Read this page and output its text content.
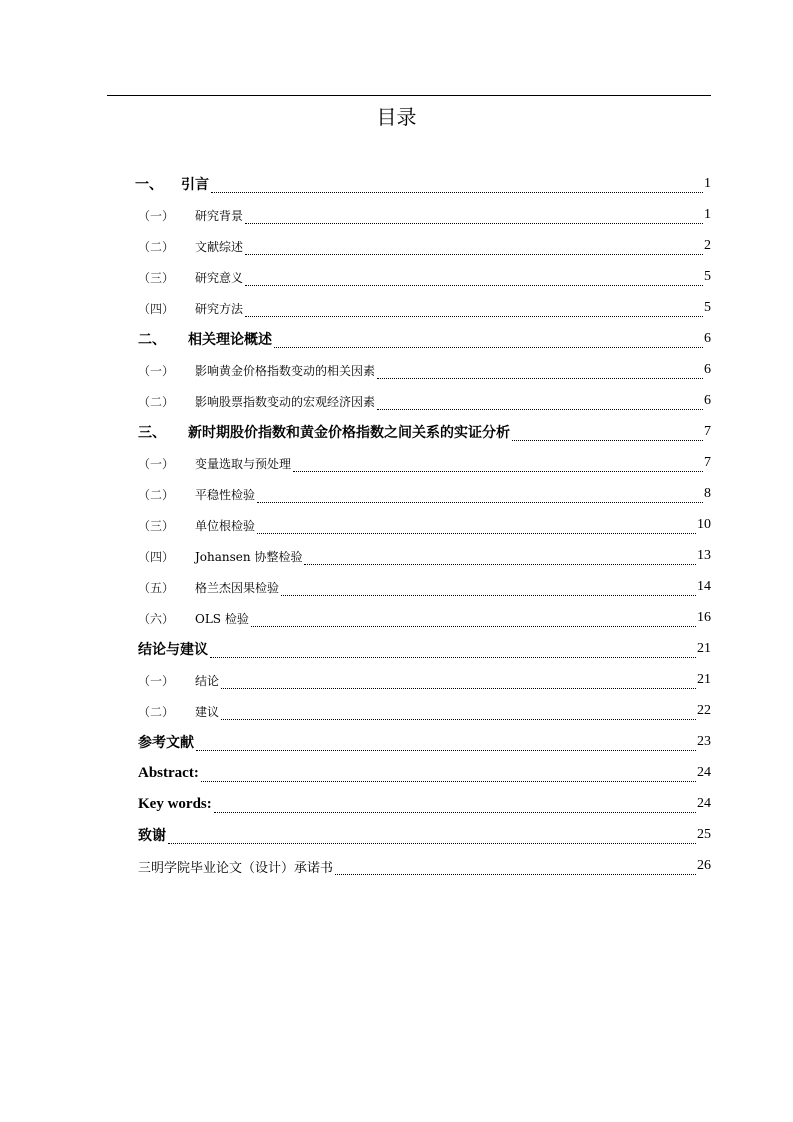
目录
一、	引言	1
（一）	研究背景	1
（二）	文献综述	2
（三）	研究意义	5
（四）	研究方法	5
二、	相关理论概述	6
（一）	影响黄金价格指数变动的相关因素	6
（二）	影响股票指数变动的宏观经济因素	6
三、	新时期股价指数和黄金价格指数之间关系的实证分析	7
（一）	变量选取与预处理	7
（二）	平稳性检验	8
（三）	单位根检验	10
（四）	Johansen 协整检验	13
（五）	格兰杰因果检验	14
（六）	OLS 检验	16
结论与建议	21
（一）	结论	21
（二）	建议	22
参考文献	23
Abstract:	24
Key words:	24
致谢	25
三明学院毕业论文（设计）承诺书	26
